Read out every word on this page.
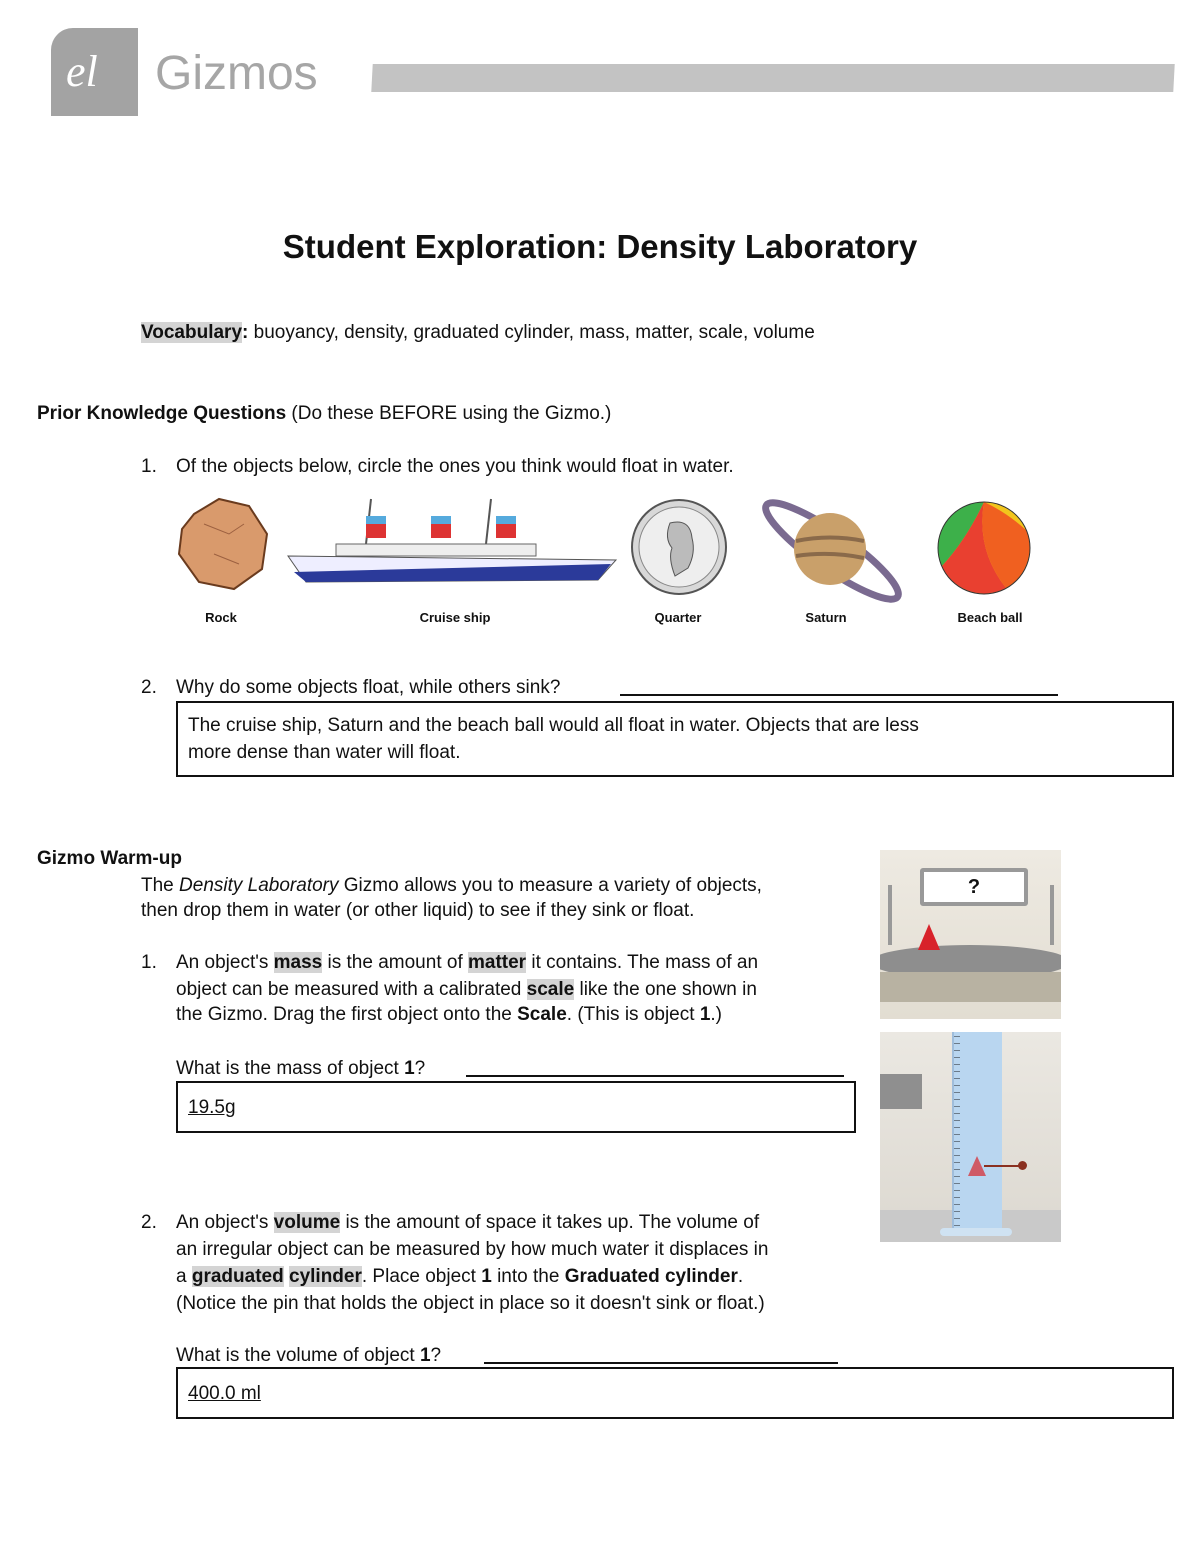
el Gizmos
Student Exploration: Density Laboratory
Vocabulary: buoyancy, density, graduated cylinder, mass, matter, scale, volume
Prior Knowledge Questions (Do these BEFORE using the Gizmo.)
1. Of the objects below, circle the ones you think would float in water.
Rock	Cruise ship	Quarter	Saturn	Beach ball
2. Why do some objects float, while others sink?
The cruise ship, Saturn and the beach ball would all float in water. Objects that are less
more dense than water will float.
Gizmo Warm-up
The Density Laboratory Gizmo allows you to measure a variety of objects,
then drop them in water (or other liquid) to see if they sink or float.
?
1. An object's mass is the amount of matter it contains. The mass of an
object can be measured with a calibrated scale like the one shown in
the Gizmo. Drag the first object onto the Scale. (This is object 1.)
What is the mass of object 1?
19.5g
2. An object's volume is the amount of space it takes up. The volume of
an irregular object can be measured by how much water it displaces in
a graduated cylinder. Place object 1 into the Graduated cylinder.
(Notice the pin that holds the object in place so it doesn't sink or float.)
What is the volume of object 1?
400.0 ml
